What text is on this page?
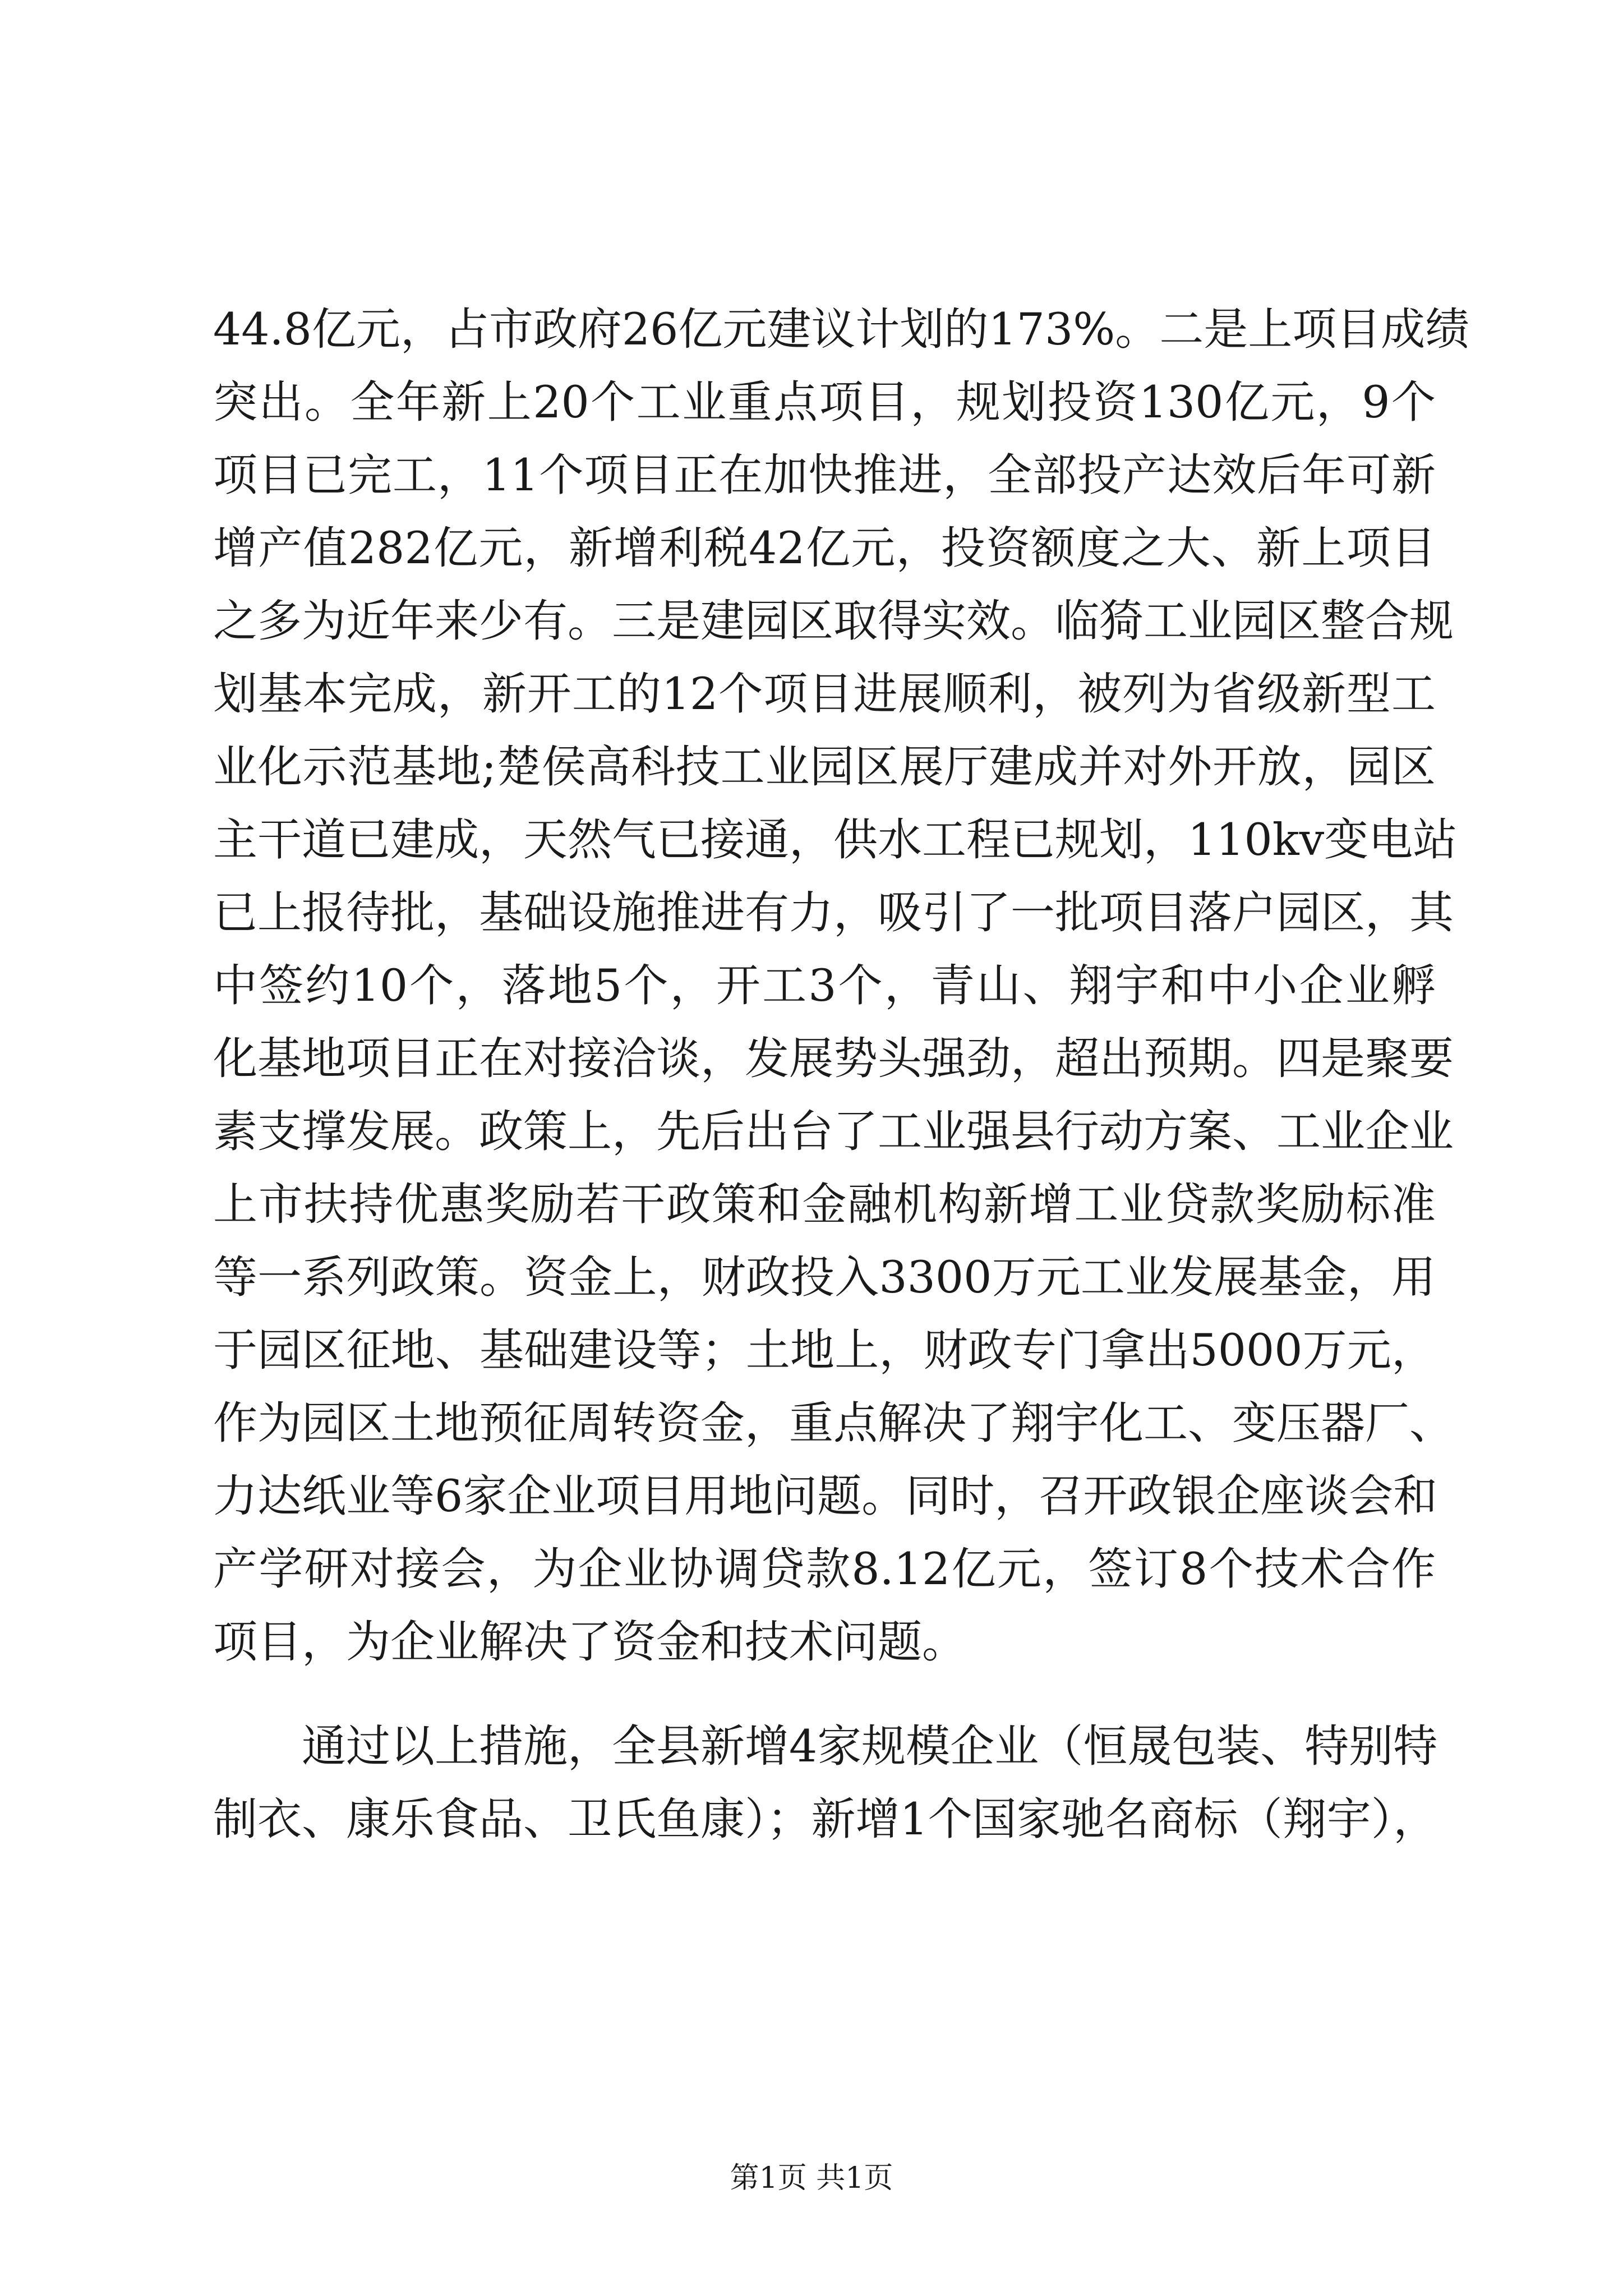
44.8亿元，占市政府26亿元建议计划的173%。二是上项目成绩
突出。全年新上20个工业重点项目，规划投资130亿元，9个
项目已完工，11个项目正在加快推进，全部投产达效后年可新
增产值282亿元，新增利税42亿元，投资额度之大、新上项目
之多为近年来少有。三是建园区取得实效。临猗工业园区整合规
划基本完成，新开工的12个项目进展顺利，被列为省级新型工
业化示范基地;楚侯高科技工业园区展厅建成并对外开放，园区
主干道已建成，天然气已接通，供水工程已规划，110kv变电站
已上报待批，基础设施推进有力，吸引了一批项目落户园区，其
中签约10个，落地5个，开工3个，青山、翔宇和中小企业孵
化基地项目正在对接洽谈，发展势头强劲，超出预期。四是聚要
素支撑发展。政策上，先后出台了工业强县行动方案、工业企业
上市扶持优惠奖励若干政策和金融机构新增工业贷款奖励标准
等一系列政策。资金上，财政投入3300万元工业发展基金，用
于园区征地、基础建设等；土地上，财政专门拿出5000万元，
作为园区土地预征周转资金，重点解决了翔宇化工、变压器厂、
力达纸业等6家企业项目用地问题。同时，召开政银企座谈会和
产学研对接会，为企业协调贷款8.12亿元，签订8个技术合作
项目，为企业解决了资金和技术问题。
通过以上措施，全县新增4家规模企业（恒晟包装、特别特
制衣、康乐食品、卫氏鱼康）；新增1个国家驰名商标（翔宇），
第1页 共1页
